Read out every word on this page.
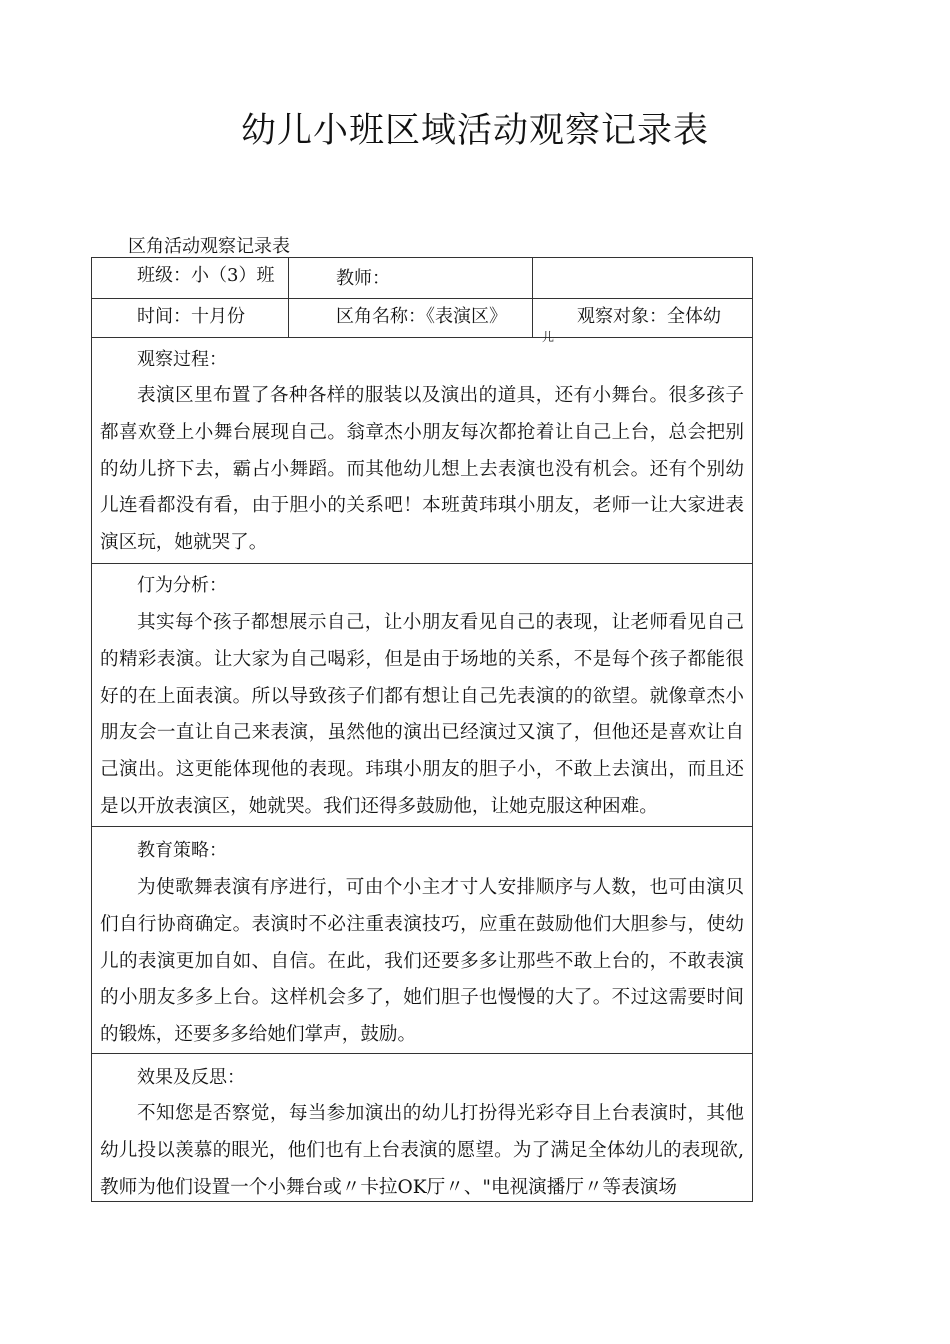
幼儿小班区域活动观察记录表
区角活动观察记录表
班级：小（3）班	教师：
时间：十月份	区角名称：《表演区》	观察对象：全体幼
儿
观察过程：
表演区里布置了各种各样的服装以及演出的道具，还有小舞台。很多孩子都喜欢登上小舞台展现自己。翁章杰小朋友每次都抢着让自己上台，总会把别的幼儿挤下去，霸占小舞蹈。而其他幼儿想上去表演也没有机会。还有个别幼儿连看都没有看，由于胆小的关系吧！本班黄玮琪小朋友，老师一让大家进表演区玩，她就哭了。
仃为分析：
其实每个孩子都想展示自己，让小朋友看见自己的表现，让老师看见自己的精彩表演。让大家为自己喝彩，但是由于场地的关系，不是每个孩子都能很好的在上面表演。所以导致孩子们都有想让自己先表演的的欲望。就像章杰小朋友会一直让自己来表演，虽然他的演出已经演过又演了，但他还是喜欢让自己演出。这更能体现他的表现。玮琪小朋友的胆子小，不敢上去演出，而且还是以开放表演区，她就哭。我们还得多鼓励他，让她克服这种困难。
教育策略：
为使歌舞表演有序进行，可由个小主才寸人安排顺序与人数，也可由演贝们自行协商确定。表演时不必注重表演技巧，应重在鼓励他们大胆参与，使幼儿的表演更加自如、自信。在此，我们还要多多让那些不敢上台的，不敢表演的小朋友多多上台。这样机会多了，她们胆子也慢慢的大了。不过这需要时间的锻炼，还要多多给她们掌声，鼓励。
效果及反思：
不知您是否察觉，每当参加演出的幼儿打扮得光彩夺目上台表演时，其他幼儿投以羡慕的眼光，他们也有上台表演的愿望。为了满足全体幼儿的表现欲,教师为他们设置一个小舞台或〃卡拉OK厅〃、"电视演播厅〃等表演场
